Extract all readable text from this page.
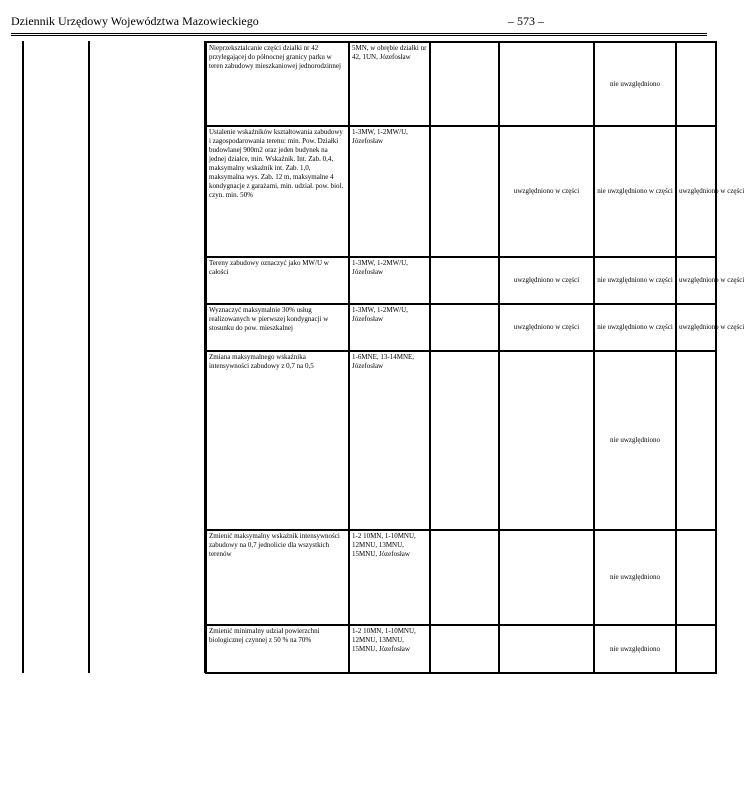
Dziennik Urzędowy Województwa Mazowieckiego	– 573 –
Nieprzeksztalcanie części działki nr 42 przylegającej do północnej granicy parku w teren zabudowy mieszkaniowej jednorodzinnej	5MN, w obrębie działki nr 42, 1UN, Józefosław			nie uwzględniono	
Ustalenie wskaźników kształtowania zabudowy i zagospodarowania terenu: min. Pow. Działki budowlanej 900m2 oraz jeden budynek na jednej działce, min. Wskaźnik. Int. Zab. 0,4, maksymalny wskaźnik int. Zab. 1,0, maksymalna wys. Zab. 12 m, maksymalne 4 kondygnacje z garażami, min. udział. pow. biol. czyn. min. 50%	1-3MW, 1-2MW/U, Józefosław		uwzględniono w części	nie uwzględniono w części	uwzględniono w części
Tereny zabudowy oznaczyć jako MW/U w całości	1-3MW, 1-2MW/U, Józefosław		uwzględniono w części	nie uwzględniono w części	uwzględniono w części
Wyznaczyć maksymalnie 30% usług realizowanych w pierwszej kondygnacji w stosunku do pow. mieszkalnej	1-3MW, 1-2MW/U, Józefosław		uwzględniono w części	nie uwzględniono w części	uwzględniono w części
Zmiana maksymalnego wskaźnika intensywności zabudowy z 0,7 na 0,5	1-6MNE, 13-14MNE, Józefosław			nie uwzględniono	
Zmienić maksymalny wskaźnik intensywności zabudowy na 0,7 jednolicie dla wszystkich terenów	1-2 10MN, 1-10MNU, 12MNU, 13MNU, 15MNU, Józefosław			nie uwzględniono	
Zmienić minimalny udział powierzchni biologicznej czynnej z 50 % na 70%	1-2 10MN, 1-10MNU, 12MNU, 13MNU, 15MNU, Józefosław			nie uwzględniono	
